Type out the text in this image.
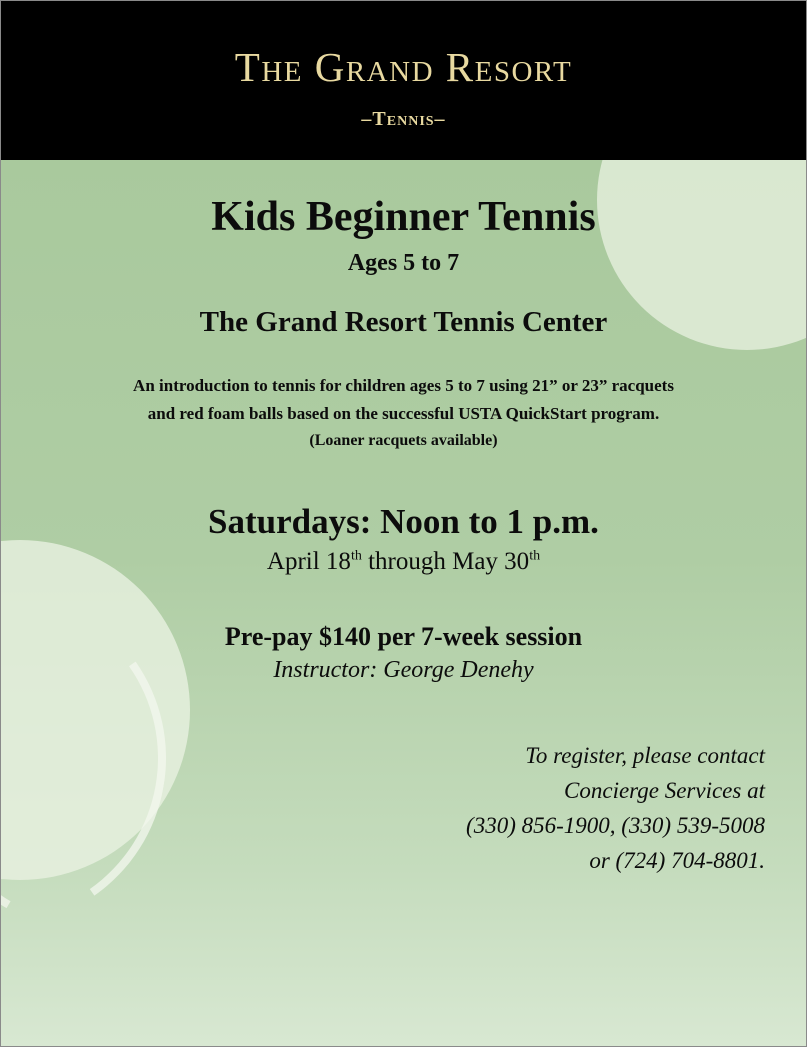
The Grand Resort
–Tennis–
Kids Beginner Tennis
Ages 5 to 7
The Grand Resort Tennis Center
An introduction to tennis for children ages 5 to 7 using 21” or 23” racquets and red foam balls based on the successful USTA QuickStart program.
(Loaner racquets available)
Saturdays: Noon to 1 p.m.
April 18th through May 30th
Pre-pay $140 per 7-week session
Instructor: George Denehy
To register, please contact
Concierge Services at
(330) 856-1900, (330) 539-5008
or (724) 704-8801.
